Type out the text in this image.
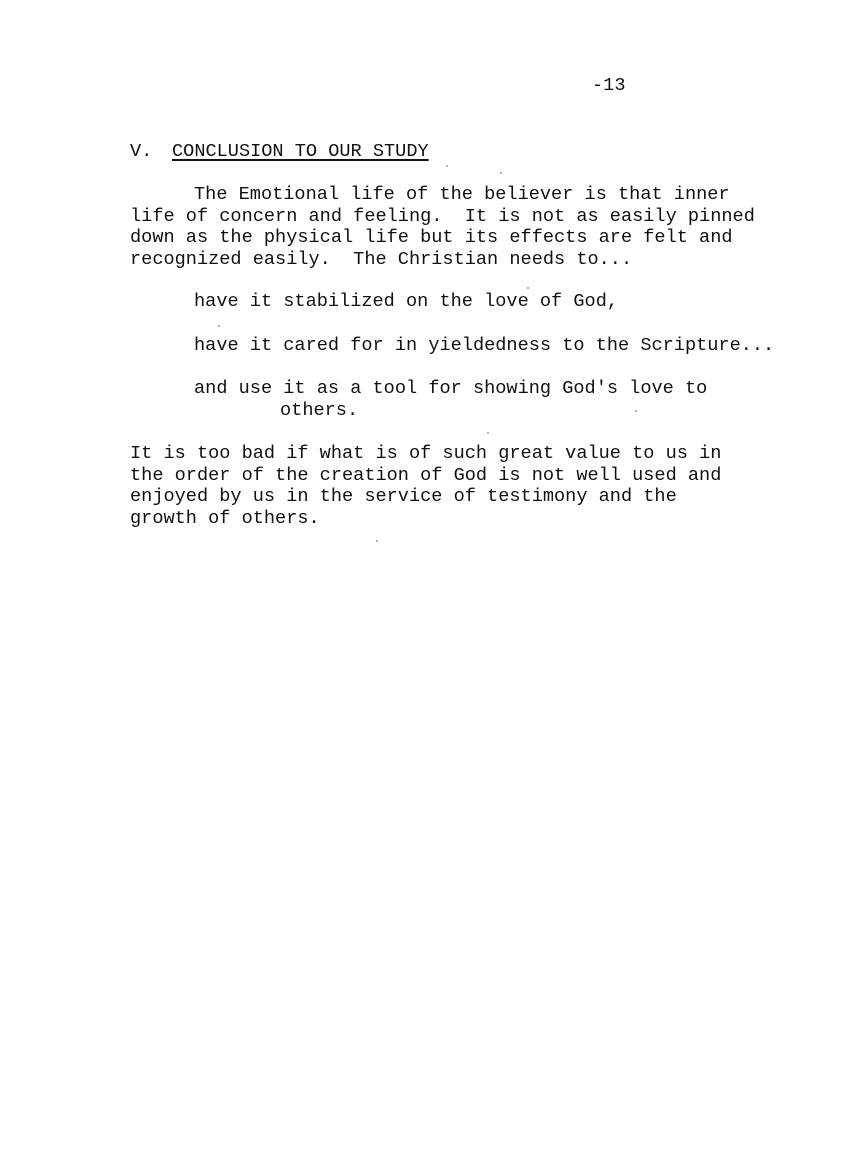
-13
V. CONCLUSION TO OUR STUDY
The Emotional life of the believer is that inner
life of concern and feeling.  It is not as easily pinned
down as the physical life but its effects are felt and
recognized easily.  The Christian needs to...
have it stabilized on the love of God,
have it cared for in yieldedness to the Scripture...
and use it as a tool for showing God's love to
others.
It is too bad if what is of such great value to us in
the order of the creation of God is not well used and
enjoyed by us in the service of testimony and the
growth of others.
